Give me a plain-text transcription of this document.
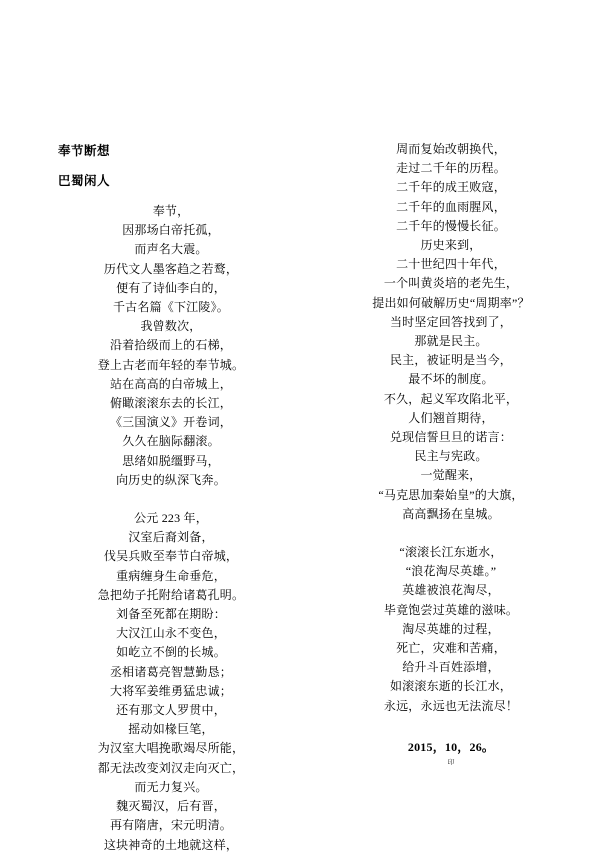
奉节断想
巴蜀闲人
奉节，
因那场白帝托孤，
而声名大震。
历代文人墨客趋之若鹜，
便有了诗仙李白的，
千古名篇《下江陵》。
我曾数次，
沿着拾级而上的石梯，
登上古老而年轻的奉节城。
站在高高的白帝城上，
俯瞰滚滚东去的长江，
《三国演义》开卷词，
久久在脑际翻滚。
思绪如脱缰野马，
向历史的纵深飞奔。
公元 223 年，
汉室后裔刘备，
伐吴兵败至奉节白帝城，
重病缠身生命垂危，
急把幼子托附给诸葛孔明。
刘备至死都在期盼：
大汉江山永不变色，
如屹立不倒的长城。
丞相诸葛亮智慧勤恳；
大将军姜维勇猛忠诚；
还有那文人罗贯中，
摇动如椽巨笔，
为汉室大唱挽歌竭尽所能，
都无法改变刘汉走向灭亡，
而无力复兴。
魏灭蜀汉，后有晋，
再有隋唐，宋元明清。
这块神奇的土地就这样，
周而复始改朝换代，
走过二千年的历程。
二千年的成王败寇，
二千年的血雨腥风，
二千年的慢慢长征。
历史来到，
二十世纪四十年代，
一个叫黄炎培的老先生，
提出如何破解历史“周期率”？
当时坚定回答找到了，
那就是民主。
民主，被证明是当今，
最不坏的制度。
不久，起义军攻陷北平，
人们翘首期待，
兑现信誓旦旦的诺言：
民主与宪政。
一觉醒来，
“马克思加秦始皇”的大旗，
高高飘扬在皇城。
“滚滚长江东逝水，
“浪花淘尽英雄。”
英雄被浪花淘尽，
毕竟饱尝过英雄的滋味。
淘尽英雄的过程，
死亡，灾难和苦痛，
给升斗百姓添增，
如滚滚东逝的长江水，
永远，永远也无法流尽！
2015，10，26。
印
